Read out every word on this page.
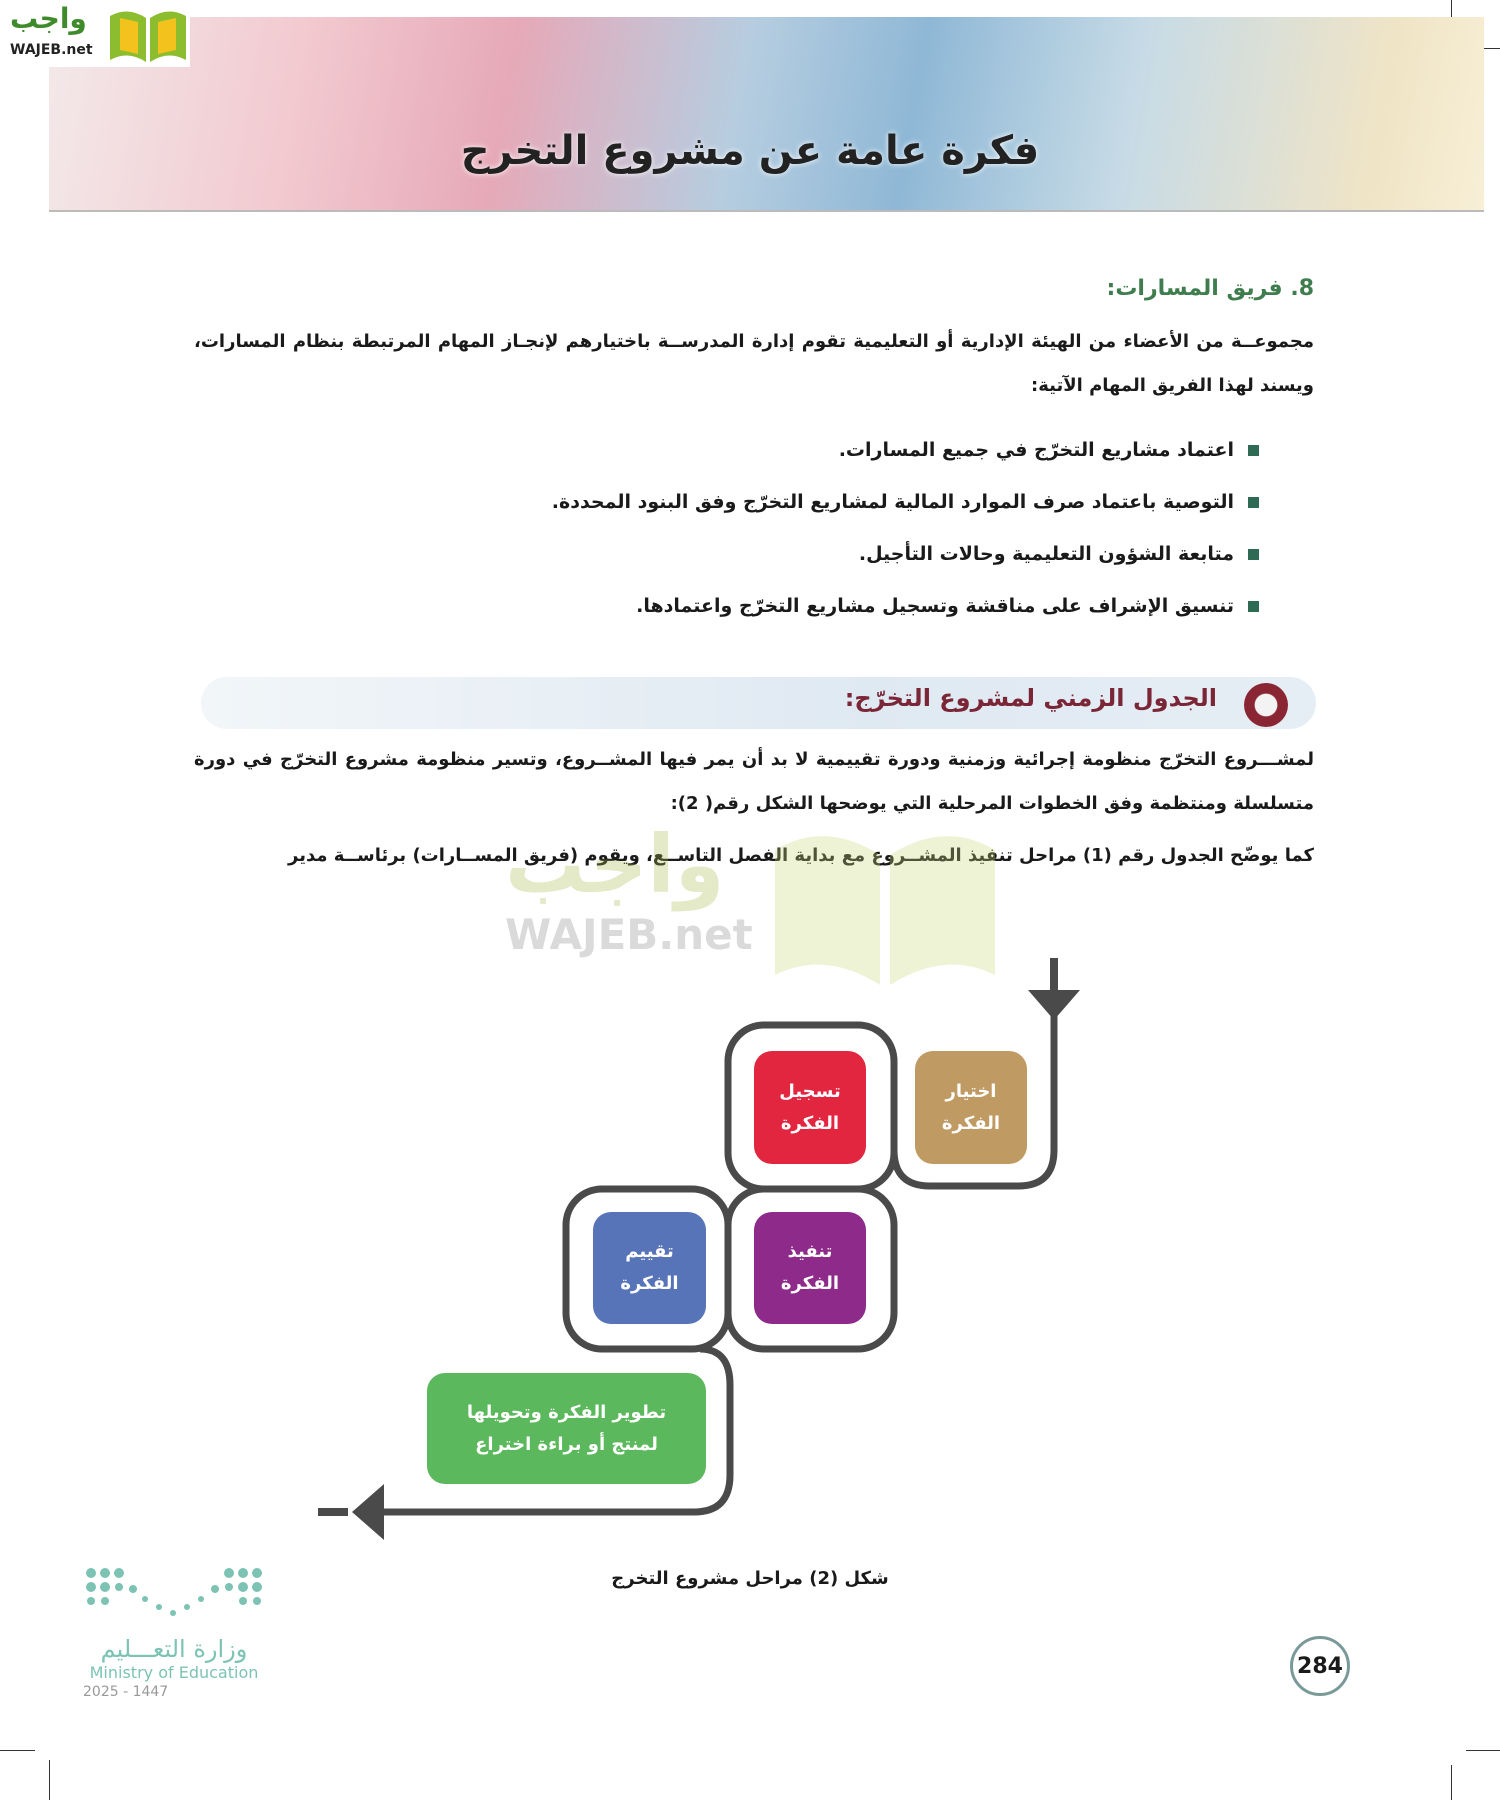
فكرة عامة عن مشروع التخرج
واجب
WAJEB.net
8. فريق المسارات:
مجموعــة من الأعضاء من الهيئة الإدارية أو التعليمية تقوم إدارة المدرســة باختيارهم لإنجـاز المهام المرتبطة بنظام المسارات، ويسند لهذا الفريق المهام الآتية:
اعتماد مشاريع التخرّج في جميع المسارات.
التوصية باعتماد صرف الموارد المالية لمشاريع التخرّج وفق البنود المحددة.
متابعة الشؤون التعليمية وحالات التأجيل.
تنسيق الإشراف على مناقشة وتسجيل مشاريع التخرّج واعتمادها.
الجدول الزمني لمشروع التخرّج:
لمشـــروع التخرّج منظومة إجرائية وزمنية ودورة تقييمية لا بد أن يمر فيها المشــروع، وتسير منظومة مشروع التخرّج في دورة متسلسلة ومنتظمة وفق الخطوات المرحلية التي يوضحها الشكل رقم( 2):
كما يوضّح الجدول رقم (1) مراحل تنفيذ المشــروع مع بداية الفصل التاســع، ويقوم (فريق المســارات) برئاســة مدير
واجب
WAJEB.net
اختيار
الفكرة
تسجيل
الفكرة
تنفيذ
الفكرة
تقييم
الفكرة
تطوير الفكرة وتحويلها
لمنتج أو براءة اختراع
شكل (2) مراحل مشروع التخرج
وزارة التعـــليم
Ministry of Education
2025 - 1447
284
